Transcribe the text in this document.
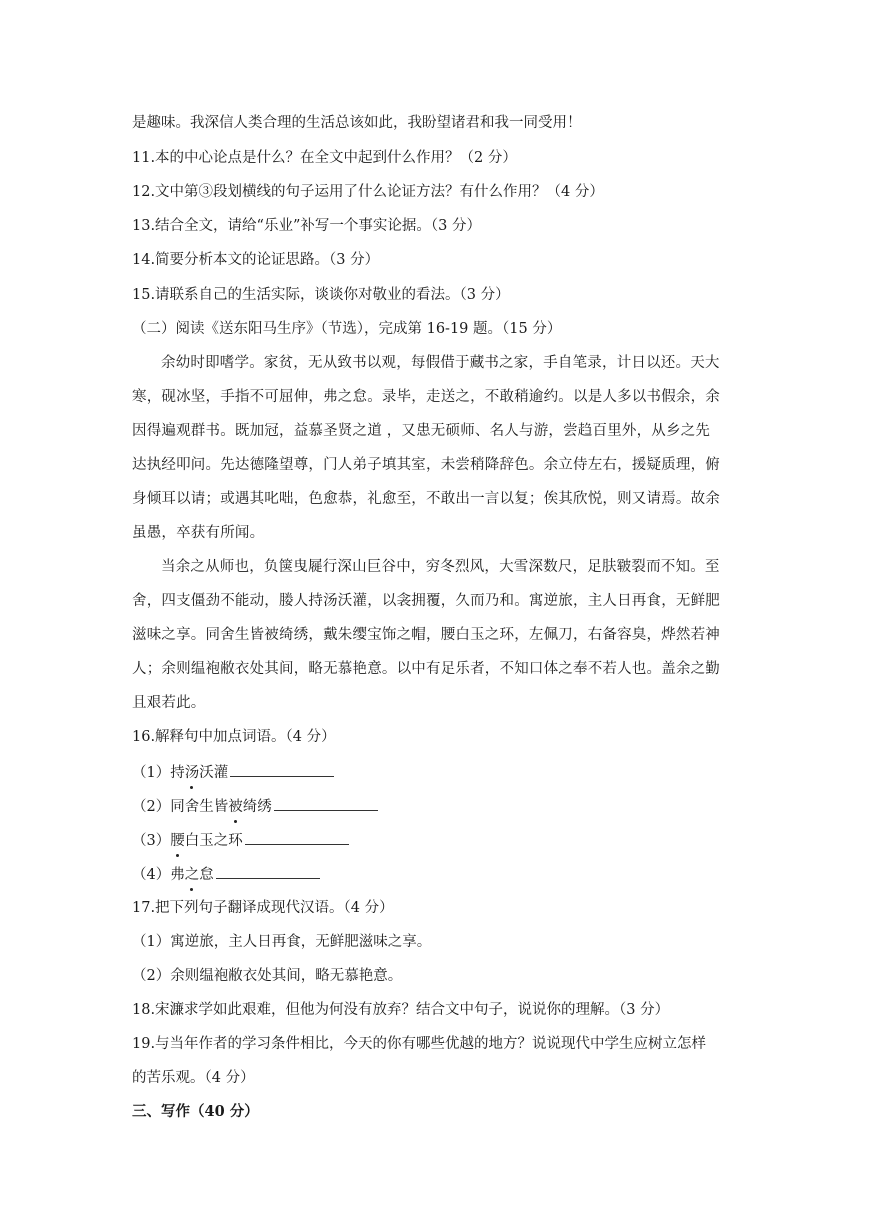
是趣味。我深信人类合理的生活总该如此，我盼望诸君和我一同受用！
11.本的中心论点是什么？在全文中起到什么作用？（2 分）
12.文中第③段划横线的句子运用了什么论证方法？有什么作用？（4 分）
13.结合全文，请给“乐业”补写一个事实论据。（3 分）
14.简要分析本文的论证思路。（3 分）
15.请联系自己的生活实际，谈谈你对敬业的看法。（3 分）
（二）阅读《送东阳马生序》（节选），完成第 16-19 题。（15 分）
余幼时即嗜学。家贫，无从致书以观，每假借于藏书之家，手自笔录，计日以还。天大
寒，砚冰坚，手指不可屈伸，弗之怠。录毕，走送之，不敢稍逾约。以是人多以书假余，余
因得遍观群书。既加冠，益慕圣贤之道 ，又患无硕师、名人与游，尝趋百里外，从乡之先
达执经叩问。先达德隆望尊，门人弟子填其室，未尝稍降辞色。余立侍左右，援疑质理，俯
身倾耳以请；或遇其叱咄，色愈恭，礼愈至，不敢出一言以复；俟其欣悦，则又请焉。故余
虽愚，卒获有所闻。
当余之从师也，负箧曳屣行深山巨谷中，穷冬烈风，大雪深数尺，足肤皲裂而不知。至
舍，四支僵劲不能动，媵人持汤沃灌，以衾拥覆，久而乃和。寓逆旅，主人日再食，无鲜肥
滋味之享。同舍生皆被绮绣，戴朱缨宝饰之帽，腰白玉之环，左佩刀，右备容臭，烨然若神
人；余则缊袍敝衣处其间，略无慕艳意。以中有足乐者，不知口体之奉不若人也。盖余之勤
且艰若此。
16.解释句中加点词语。（4 分）
（1）持汤沃灌
（2）同舍生皆被绮绣
（3）腰白玉之环
（4）弗之怠
17.把下列句子翻译成现代汉语。（4 分）
（1）寓逆旅，主人日再食，无鲜肥滋味之享。
（2）余则缊袍敝衣处其间，略无慕艳意。
18.宋濂求学如此艰难，但他为何没有放弃？结合文中句子，说说你的理解。（3 分）
19.与当年作者的学习条件相比，今天的你有哪些优越的地方？说说现代中学生应树立怎样
的苦乐观。（4 分）
三、写作（40 分）
